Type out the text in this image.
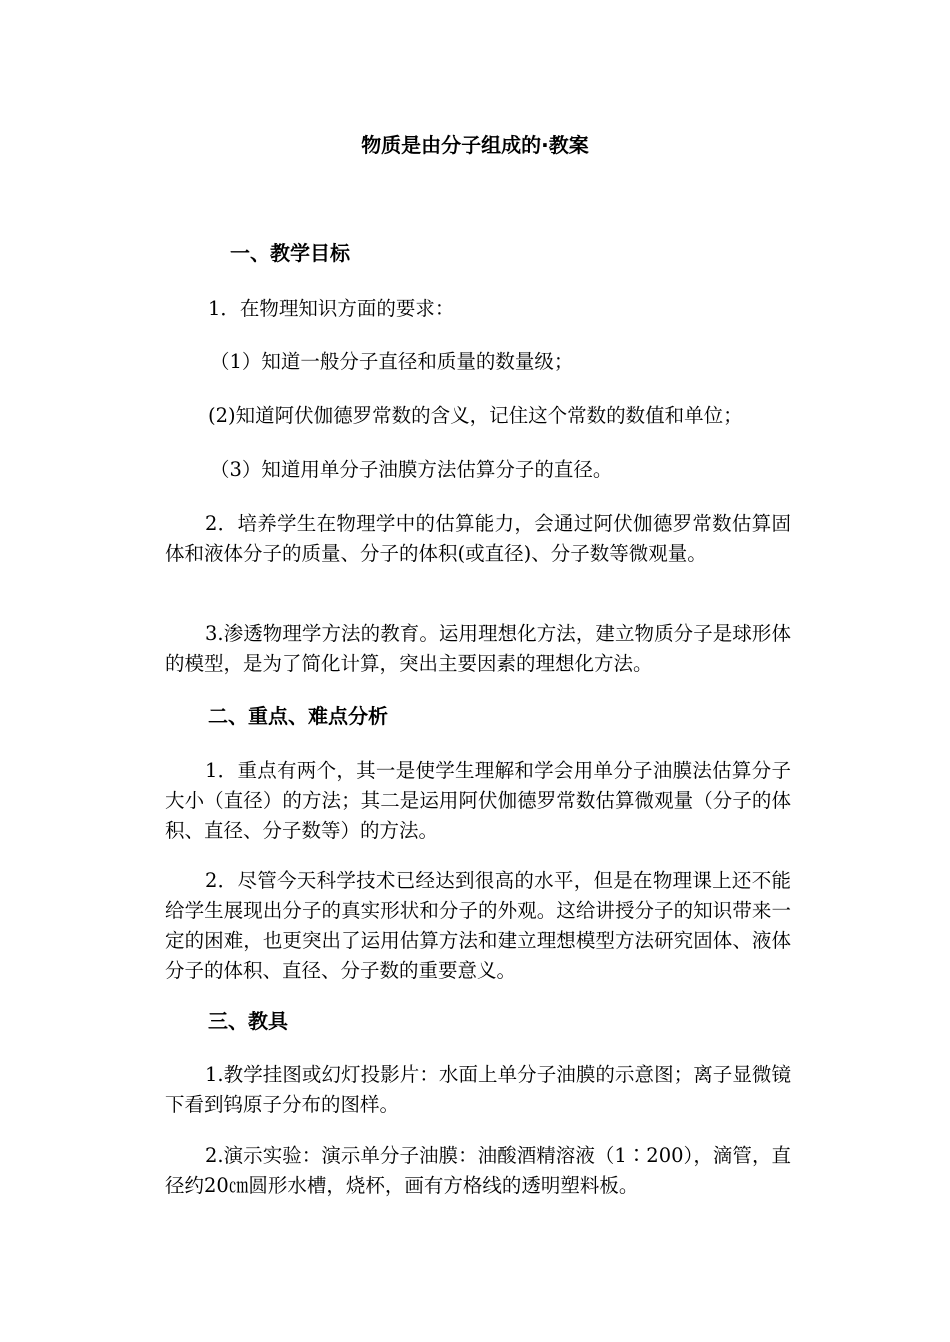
物质是由分子组成的·教案
一、教学目标
1．在物理知识方面的要求：
（1）知道一般分子直径和质量的数量级；
(2)知道阿伏伽德罗常数的含义，记住这个常数的数值和单位；
（3）知道用单分子油膜方法估算分子的直径。
2．培养学生在物理学中的估算能力，会通过阿伏伽德罗常数估算固体和液体分子的质量、分子的体积(或直径)、分子数等微观量。
3.渗透物理学方法的教育。运用理想化方法，建立物质分子是球形体的模型，是为了简化计算，突出主要因素的理想化方法。
二、重点、难点分析
1．重点有两个，其一是使学生理解和学会用单分子油膜法估算分子大小（直径）的方法；其二是运用阿伏伽德罗常数估算微观量（分子的体积、直径、分子数等）的方法。
2．尽管今天科学技术已经达到很高的水平，但是在物理课上还不能给学生展现出分子的真实形状和分子的外观。这给讲授分子的知识带来一定的困难，也更突出了运用估算方法和建立理想模型方法研究固体、液体分子的体积、直径、分子数的重要意义。
三、教具
1.教学挂图或幻灯投影片：水面上单分子油膜的示意图；离子显微镜下看到钨原子分布的图样。
2.演示实验：演示单分子油膜：油酸酒精溶液（1∶200），滴管，直径约20㎝圆形水槽，烧杯，画有方格线的透明塑料板。
